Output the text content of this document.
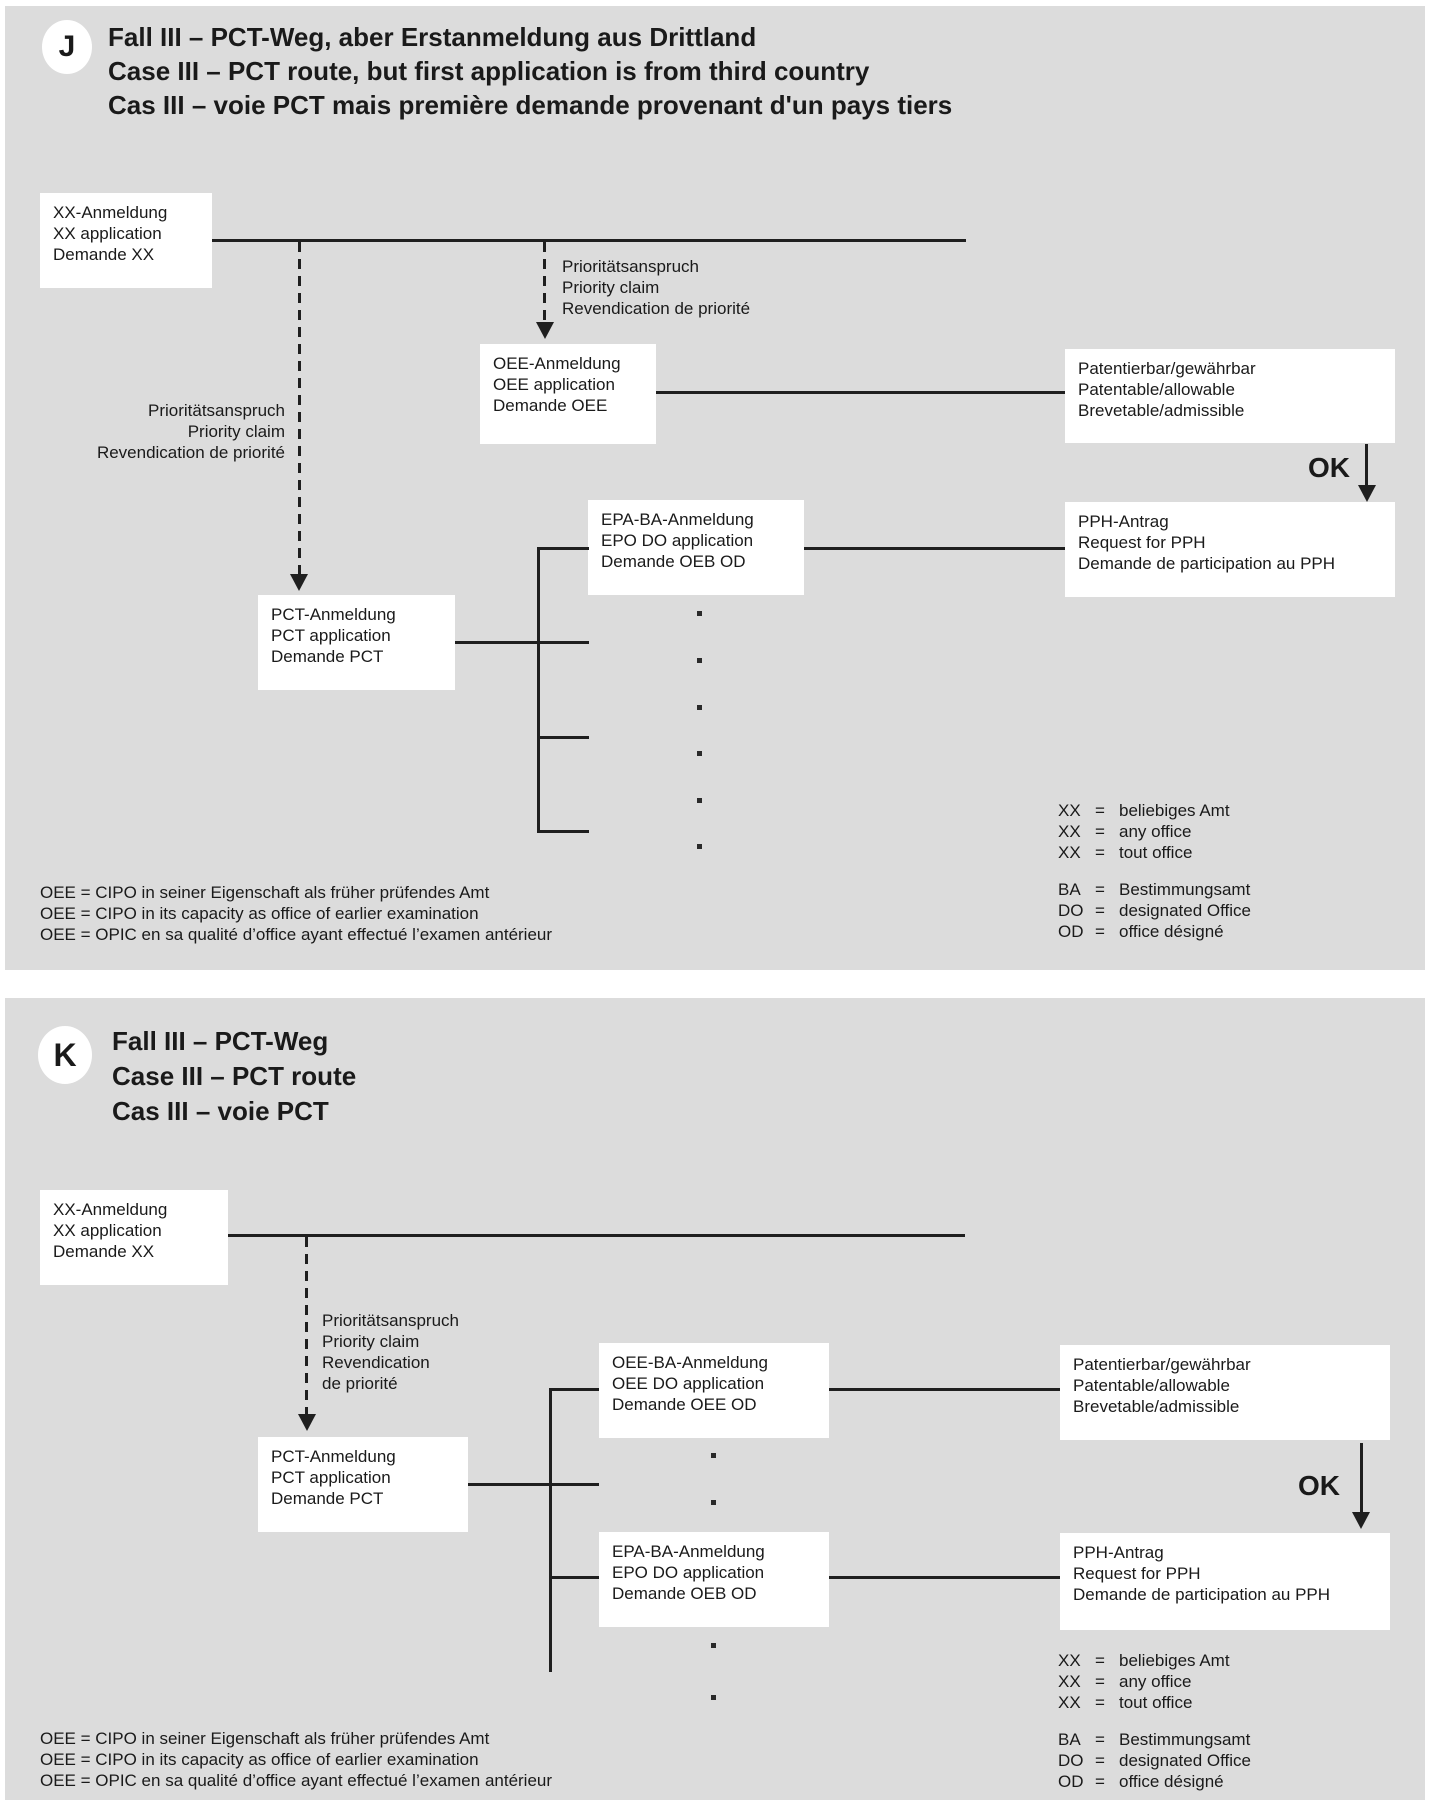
J Fall III – PCT-Weg, aber Erstanmeldung aus Drittland
Case III – PCT route, but first application is from third country
Cas III – voie PCT mais première demande provenant d'un pays tiers
XX-Anmeldung
XX application
Demande XX
OEE-Anmeldung
OEE application
Demande OEE
Patentierbar/gewährbar
Patentable/allowable
Brevetable/admissible
EPA-BA-Anmeldung
EPO DO application
Demande OEB OD
PPH-Antrag
Request for PPH
Demande de participation au PPH
PCT-Anmeldung
PCT application
Demande PCT
Prioritätsanspruch
Priority claim
Revendication de priorité
Prioritätsanspruch
Priority claim
Revendication de priorité
OK
OEE = CIPO in seiner Eigenschaft als früher prüfendes Amt
OEE = CIPO in its capacity as office of earlier examination
OEE = OPIC en sa qualité d’office ayant effectué l’examen antérieur
XX = beliebiges Amt
XX = any office
XX = tout office
BA = Bestimmungsamt
DO = designated Office
OD = office désigné
K Fall III – PCT-Weg
Case III – PCT route
Cas III – voie PCT
XX-Anmeldung
XX application
Demande XX
PCT-Anmeldung
PCT application
Demande PCT
OEE-BA-Anmeldung
OEE DO application
Demande OEE OD
EPA-BA-Anmeldung
EPO DO application
Demande OEB OD
Patentierbar/gewährbar
Patentable/allowable
Brevetable/admissible
PPH-Antrag
Request for PPH
Demande de participation au PPH
Prioritätsanspruch
Priority claim
Revendication
de priorité
OK
OEE = CIPO in seiner Eigenschaft als früher prüfendes Amt
OEE = CIPO in its capacity as office of earlier examination
OEE = OPIC en sa qualité d’office ayant effectué l’examen antérieur
XX = beliebiges Amt
XX = any office
XX = tout office
BA = Bestimmungsamt
DO = designated Office
OD = office désigné
